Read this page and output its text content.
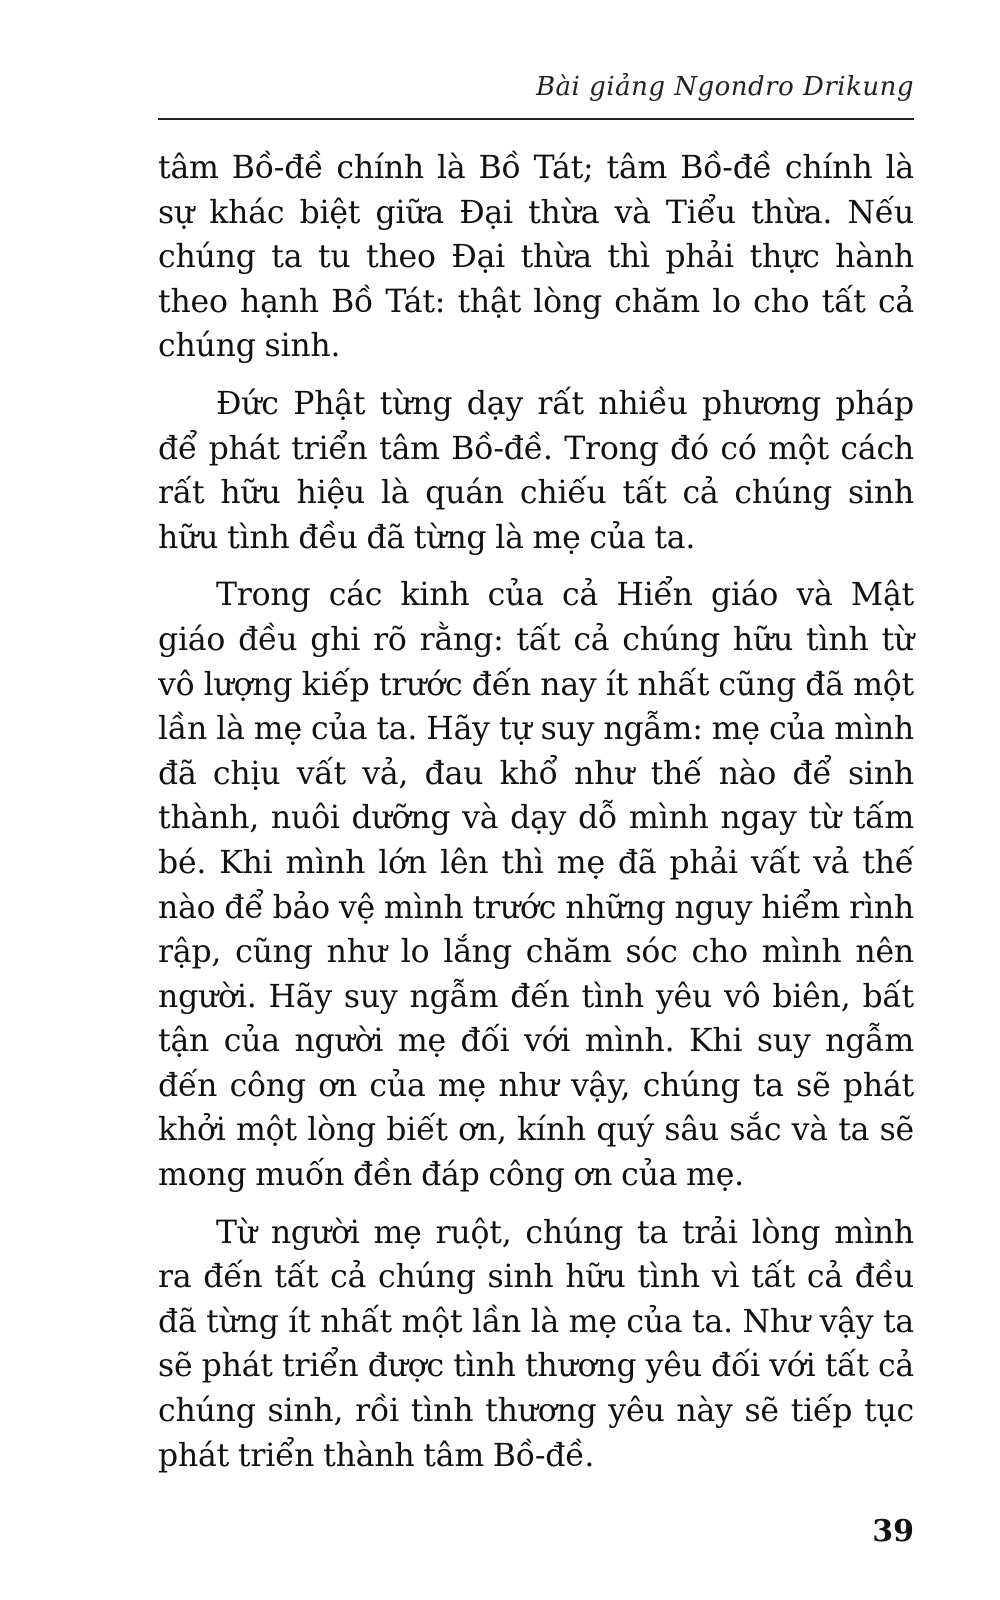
Bài giảng Ngondro Drikung

tâm Bồ-đề chính là Bồ Tát; tâm Bồ-đề chính là sự khác biệt giữa Đại thừa và Tiểu thừa. Nếu chúng ta tu theo Đại thừa thì phải thực hành theo hạnh Bồ Tát: thật lòng chăm lo cho tất cả chúng sinh.

Đức Phật từng dạy rất nhiều phương pháp để phát triển tâm Bồ-đề. Trong đó có một cách rất hữu hiệu là quán chiếu tất cả chúng sinh hữu tình đều đã từng là mẹ của ta.

Trong các kinh của cả Hiển giáo và Mật giáo đều ghi rõ rằng: tất cả chúng hữu tình từ vô lượng kiếp trước đến nay ít nhất cũng đã một lần là mẹ của ta. Hãy tự suy ngẫm: mẹ của mình đã chịu vất vả, đau khổ như thế nào để sinh thành, nuôi dưỡng và dạy dỗ mình ngay từ tấm bé. Khi mình lớn lên thì mẹ đã phải vất vả thế nào để bảo vệ mình trước những nguy hiểm rình rập, cũng như lo lắng chăm sóc cho mình nên người. Hãy suy ngẫm đến tình yêu vô biên, bất tận của người mẹ đối với mình. Khi suy ngẫm đến công ơn của mẹ như vậy, chúng ta sẽ phát khởi một lòng biết ơn, kính quý sâu sắc và ta sẽ mong muốn đền đáp công ơn của mẹ.

Từ người mẹ ruột, chúng ta trải lòng mình ra đến tất cả chúng sinh hữu tình vì tất cả đều đã từng ít nhất một lần là mẹ của ta. Như vậy ta sẽ phát triển được tình thương yêu đối với tất cả chúng sinh, rồi tình thương yêu này sẽ tiếp tục phát triển thành tâm Bồ-đề.

39
